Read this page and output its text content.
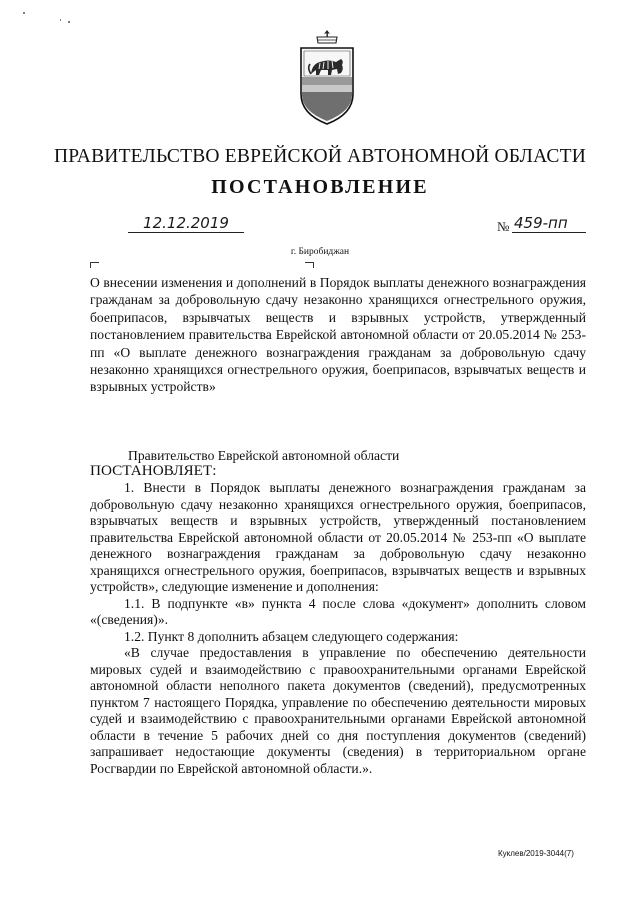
ПРАВИТЕЛЬСТВО ЕВРЕЙСКОЙ АВТОНОМНОЙ ОБЛАСТИ
ПОСТАНОВЛЕНИЕ
12.12.2019	№ 459-пп
г. Биробиджан
О внесении изменения и дополнений в Порядок выплаты денежного вознаграждения гражданам за добровольную сдачу незаконно хранящихся огнестрельного оружия, боеприпасов, взрывчатых веществ и взрывных устройств, утвержденный постановлением правительства Еврейской автономной области от 20.05.2014 № 253-пп «О выплате денежного вознаграждения гражданам за добровольную сдачу незаконно хранящихся огнестрельного оружия, боеприпасов, взрывчатых веществ и взрывных устройств»
Правительство Еврейской автономной области
ПОСТАНОВЛЯЕТ:

1. Внести в Порядок выплаты денежного вознаграждения гражданам за добровольную сдачу незаконно хранящихся огнестрельного оружия, боеприпасов, взрывчатых веществ и взрывных устройств, утвержденный постановлением правительства Еврейской автономной области от 20.05.2014 № 253-пп «О выплате денежного вознаграждения гражданам за добровольную сдачу незаконно хранящихся огнестрельного оружия, боеприпасов, взрывчатых веществ и взрывных устройств», следующие изменение и дополнения:

1.1. В подпункте «в» пункта 4 после слова «документ» дополнить словом «(сведения)».

1.2. Пункт 8 дополнить абзацем следующего содержания:

«В случае предоставления в управление по обеспечению деятельности мировых судей и взаимодействию с правоохранительными органами Еврейской автономной области неполного пакета документов (сведений), предусмотренных пунктом 7 настоящего Порядка, управление по обеспечению деятельности мировых судей и взаимодействию с правоохранительными органами Еврейской автономной области в течение 5 рабочих дней со дня поступления документов (сведений) запрашивает недостающие документы (сведения) в территориальном органе Росгвардии по Еврейской автономной области.».

Куклев/2019-3044(7)
